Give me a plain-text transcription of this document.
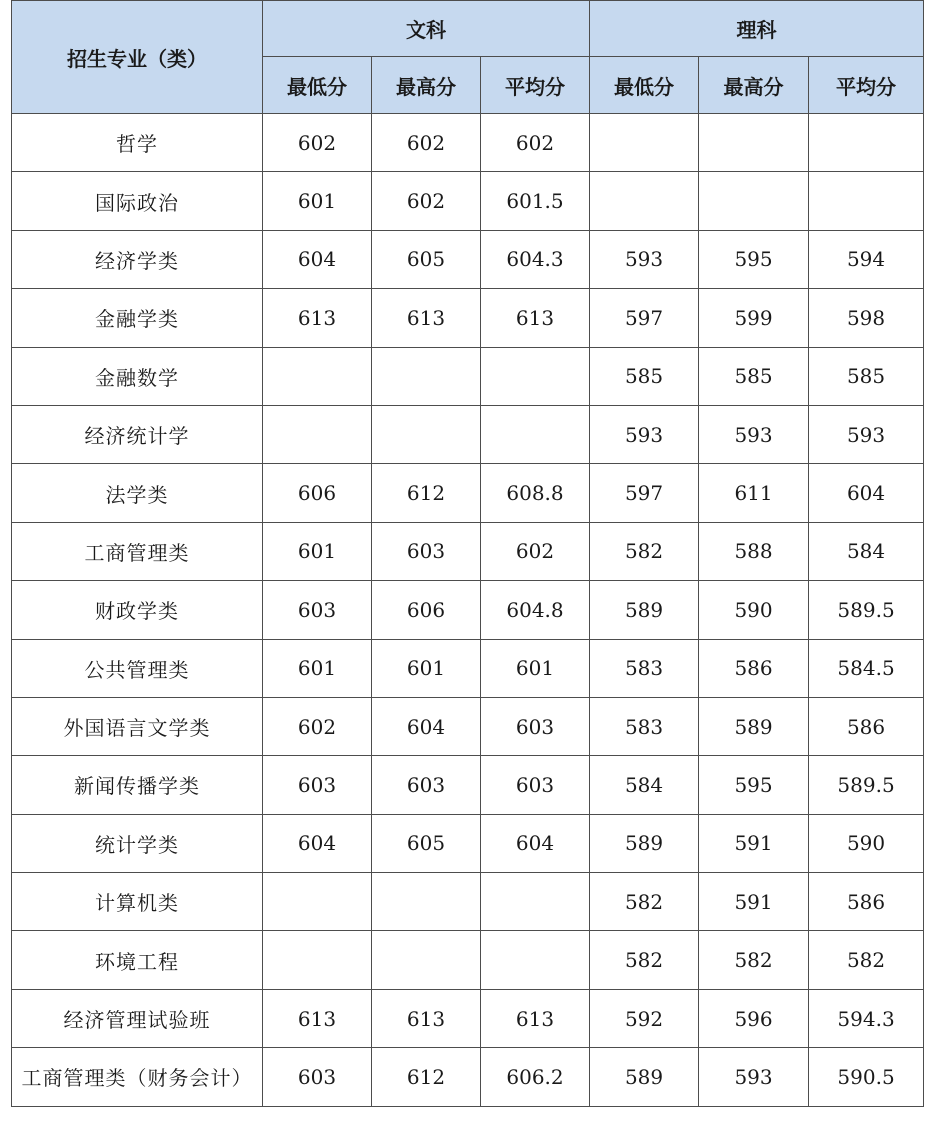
招生专业（类）	文科			理科		
	最低分	最高分	平均分	最低分	最高分	平均分
哲学	602	602	602			
国际政治	601	602	601.5			
经济学类	604	605	604.3	593	595	594
金融学类	613	613	613	597	599	598
金融数学				585	585	585
经济统计学				593	593	593
法学类	606	612	608.8	597	611	604
工商管理类	601	603	602	582	588	584
财政学类	603	606	604.8	589	590	589.5
公共管理类	601	601	601	583	586	584.5
外国语言文学类	602	604	603	583	589	586
新闻传播学类	603	603	603	584	595	589.5
统计学类	604	605	604	589	591	590
计算机类				582	591	586
环境工程				582	582	582
经济管理试验班	613	613	613	592	596	594.3
工商管理类（财务会计）	603	612	606.2	589	593	590.5
